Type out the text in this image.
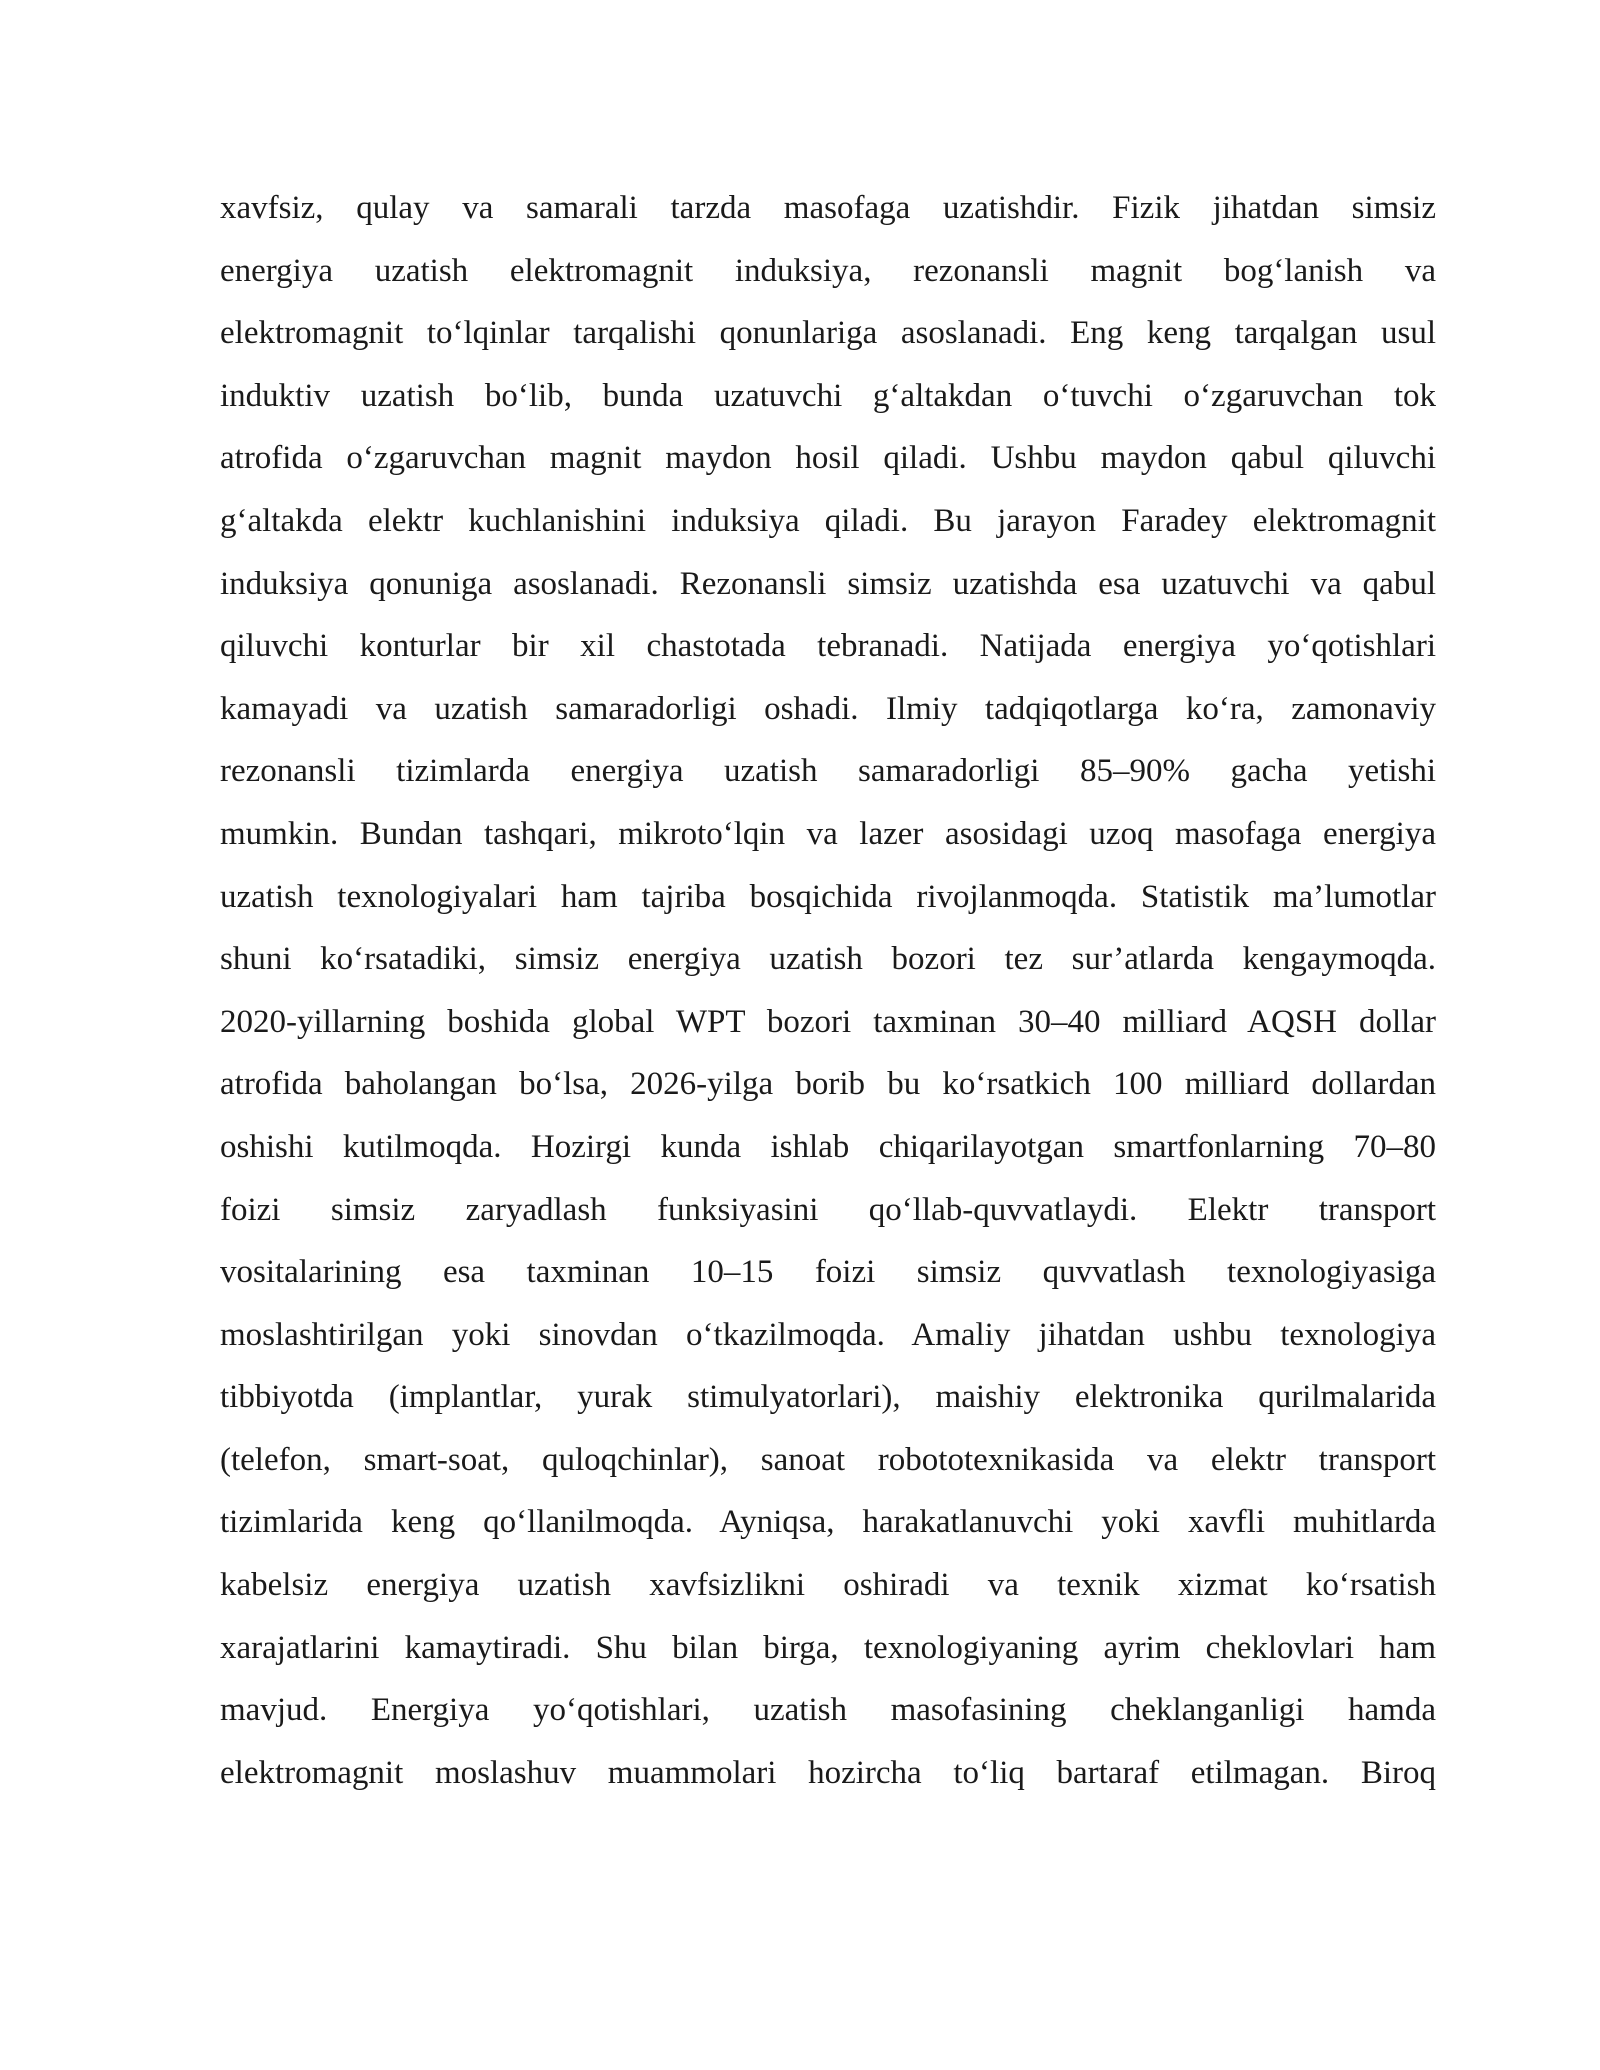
xavfsiz, qulay va samarali tarzda masofaga uzatishdir. Fizik jihatdan simsiz
energiya uzatish elektromagnit induksiya, rezonansli magnit bog‘lanish va
elektromagnit to‘lqinlar tarqalishi qonunlariga asoslanadi. Eng keng tarqalgan usul
induktiv uzatish bo‘lib, bunda uzatuvchi g‘altakdan o‘tuvchi o‘zgaruvchan tok
atrofida o‘zgaruvchan magnit maydon hosil qiladi. Ushbu maydon qabul qiluvchi
g‘altakda elektr kuchlanishini induksiya qiladi. Bu jarayon Faradey elektromagnit
induksiya qonuniga asoslanadi. Rezonansli simsiz uzatishda esa uzatuvchi va qabul
qiluvchi konturlar bir xil chastotada tebranadi. Natijada energiya yo‘qotishlari
kamayadi va uzatish samaradorligi oshadi. Ilmiy tadqiqotlarga ko‘ra, zamonaviy
rezonansli tizimlarda energiya uzatish samaradorligi 85–90% gacha yetishi
mumkin. Bundan tashqari, mikroto‘lqin va lazer asosidagi uzoq masofaga energiya
uzatish texnologiyalari ham tajriba bosqichida rivojlanmoqda. Statistik ma’lumotlar
shuni ko‘rsatadiki, simsiz energiya uzatish bozori tez sur’atlarda kengaymoqda.
2020-yillarning boshida global WPT bozori taxminan 30–40 milliard AQSH dollar
atrofida baholangan bo‘lsa, 2026-yilga borib bu ko‘rsatkich 100 milliard dollardan
oshishi kutilmoqda. Hozirgi kunda ishlab chiqarilayotgan smartfonlarning 70–80
foizi simsiz zaryadlash funksiyasini qo‘llab-quvvatlaydi. Elektr transport
vositalarining esa taxminan 10–15 foizi simsiz quvvatlash texnologiyasiga
moslashtirilgan yoki sinovdan o‘tkazilmoqda. Amaliy jihatdan ushbu texnologiya
tibbiyotda (implantlar, yurak stimulyatorlari), maishiy elektronika qurilmalarida
(telefon, smart-soat, quloqchinlar), sanoat robototexnikasida va elektr transport
tizimlarida keng qo‘llanilmoqda. Ayniqsa, harakatlanuvchi yoki xavfli muhitlarda
kabelsiz energiya uzatish xavfsizlikni oshiradi va texnik xizmat ko‘rsatish
xarajatlarini kamaytiradi. Shu bilan birga, texnologiyaning ayrim cheklovlari ham
mavjud. Energiya yo‘qotishlari, uzatish masofasining cheklanganligi hamda
elektromagnit moslashuv muammolari hozircha to‘liq bartaraf etilmagan. Biroq
